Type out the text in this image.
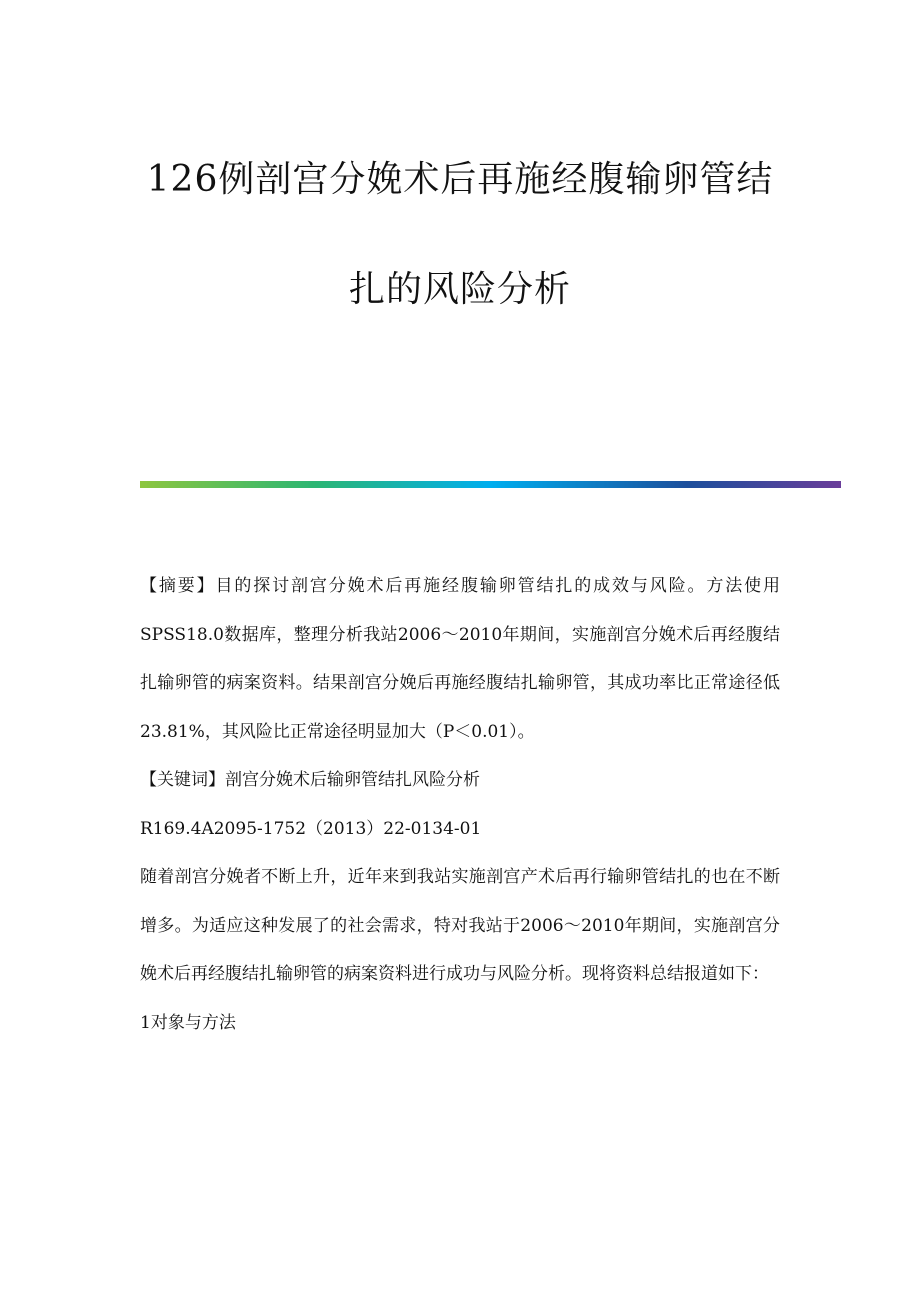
126例剖宫分娩术后再施经腹输卵管结
扎的风险分析

【摘要】目的探讨剖宫分娩术后再施经腹输卵管结扎的成效与风险。方法使用SPSS18.0数据库，整理分析我站2006～2010年期间，实施剖宫分娩术后再经腹结扎输卵管的病案资料。结果剖宫分娩后再施经腹结扎输卵管，其成功率比正常途径低23.81%，其风险比正常途径明显加大（P＜0.01）。

【关键词】剖宫分娩术后输卵管结扎风险分析

R169.4A2095-1752（2013）22-0134-01

随着剖宫分娩者不断上升，近年来到我站实施剖宫产术后再行输卵管结扎的也在不断增多。为适应这种发展了的社会需求，特对我站于2006～2010年期间，实施剖宫分娩术后再经腹结扎输卵管的病案资料进行成功与风险分析。现将资料总结报道如下：

1对象与方法
